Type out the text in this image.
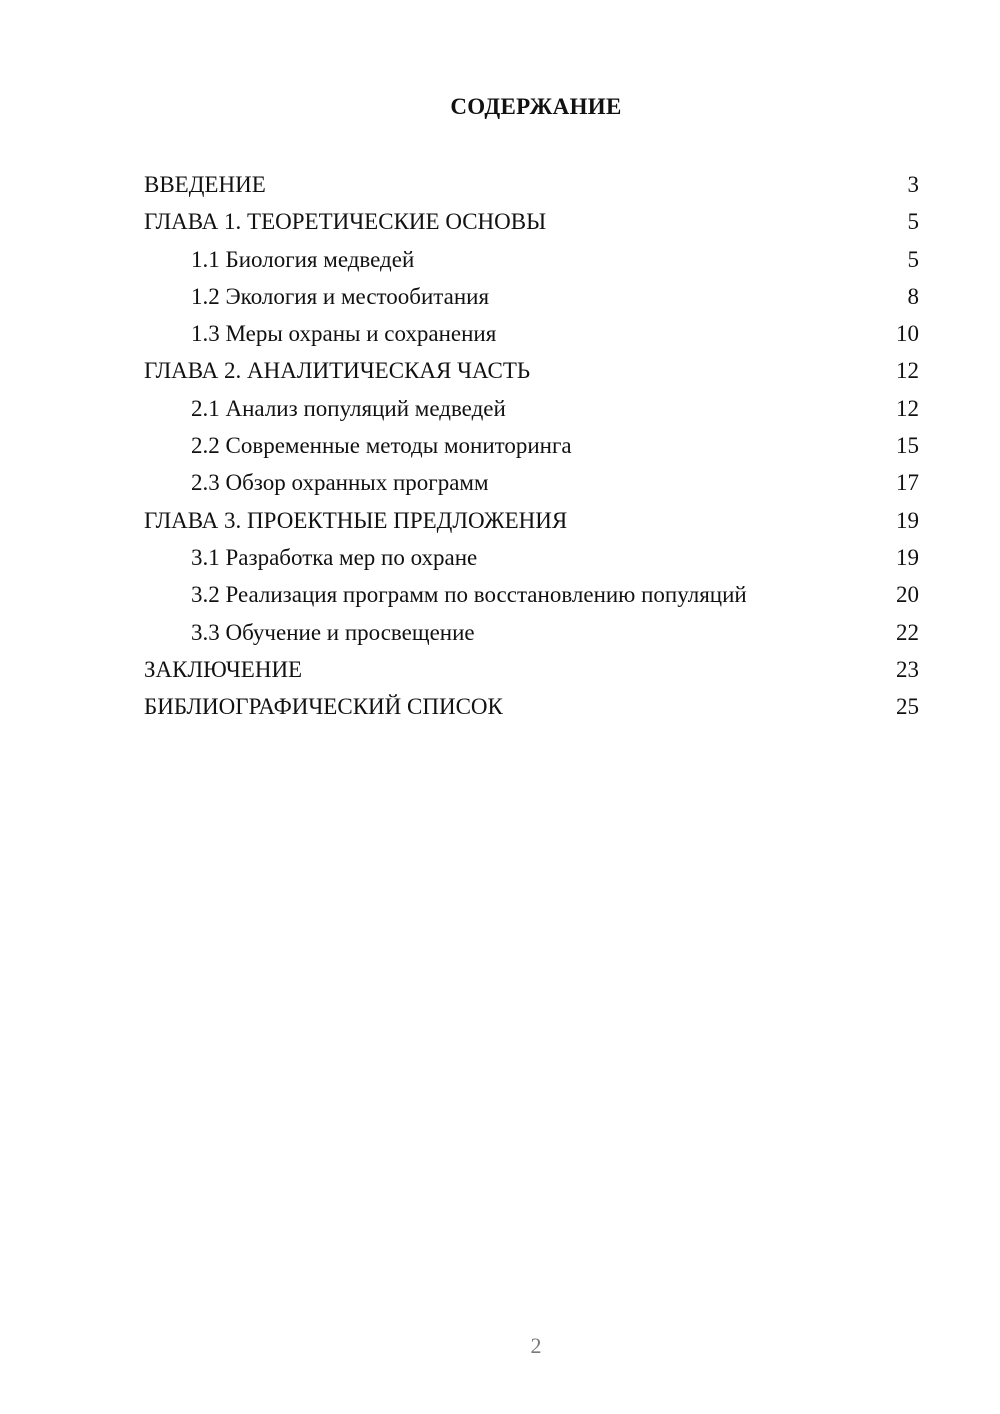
СОДЕРЖАНИЕ
ВВЕДЕНИЕ	3
ГЛАВА 1. ТЕОРЕТИЧЕСКИЕ ОСНОВЫ	5
1.1 Биология медведей	5
1.2 Экология и местообитания	8
1.3 Меры охраны и сохранения	10
ГЛАВА 2. АНАЛИТИЧЕСКАЯ ЧАСТЬ	12
2.1 Анализ популяций медведей	12
2.2 Современные методы мониторинга	15
2.3 Обзор охранных программ	17
ГЛАВА 3. ПРОЕКТНЫЕ ПРЕДЛОЖЕНИЯ	19
3.1 Разработка мер по охране	19
3.2 Реализация программ по восстановлению популяций	20
3.3 Обучение и просвещение	22
ЗАКЛЮЧЕНИЕ	23
БИБЛИОГРАФИЧЕСКИЙ СПИСОК	25
2
